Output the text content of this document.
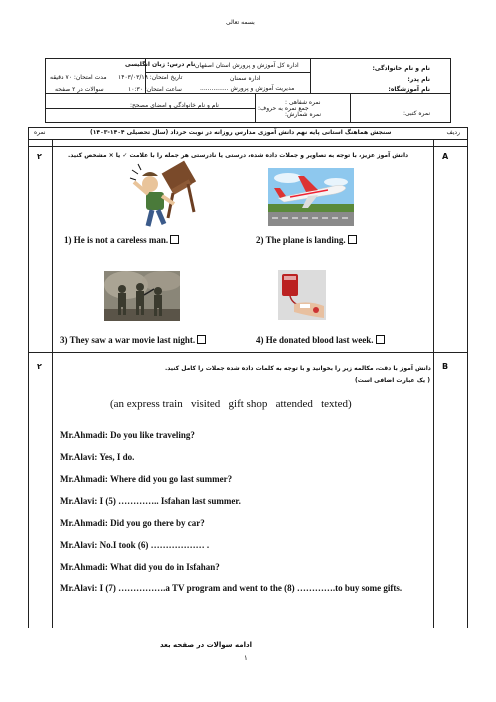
بسمه تعالی
نام و نام خانوادگی:
نام پدر:
نام آموزشگاه:
اداره کل آموزش و پرورش استان اصفهان
اداره سمنان
مدیریت آموزش و پرورش ...............
نام درس: زبان انگلیسی
تاریخ امتحان: ۱۴۰۳/۰۳/۱۹
مدت امتحان: ۷۰ دقیقه
ساعت امتحان: ۱۰:۳۰
سوالات در ۲ صفحه
نمره کتبی:
نمره شفاهی :
نمره شمارش:
جمع نمره به حروف:
نام و نام خانوادگی و امضای مصحح:
ردیف
سنجش هماهنگ استانی پایه نهم دانش آموزی مدارس روزانه در نوبت خرداد (سال تحصیلی ۱۴۰۴-۱۴۰۳)
نمره
A
۲	دانش آموز عزیز، با توجه به تصاویر و جملات داده شده، درستی یا نادرستی هر جمله را با علامت ✓ یا × مشخص کنید.
1) He is not a careless man.	2) The plane is landing.
3) They saw a war movie last night.	4) He donated blood last week.
B
۲	دانش آموز با دقت، مکالمه زیر را بخوانید و با توجه به کلمات داده شده جملات را کامل کنید.
( یک عبارت اضافی است)
(an express train   visited   gift shop   attended   texted)
Mr.Ahmadi: Do you like traveling?
Mr.Alavi: Yes, I do.
Mr.Ahmadi: Where did you go last summer?
Mr.Alavi: I (5) ………….. Isfahan last summer.
Mr.Ahmadi: Did you go there by car?
Mr.Alavi: No.I took (6) ……………… .
Mr.Ahmadi: What did you do in Isfahan?
Mr.Alavi: I (7) …………….a TV program and went to the (8) ………….to buy some gifts.
ادامه سوالات در صفحه بعد
۱
